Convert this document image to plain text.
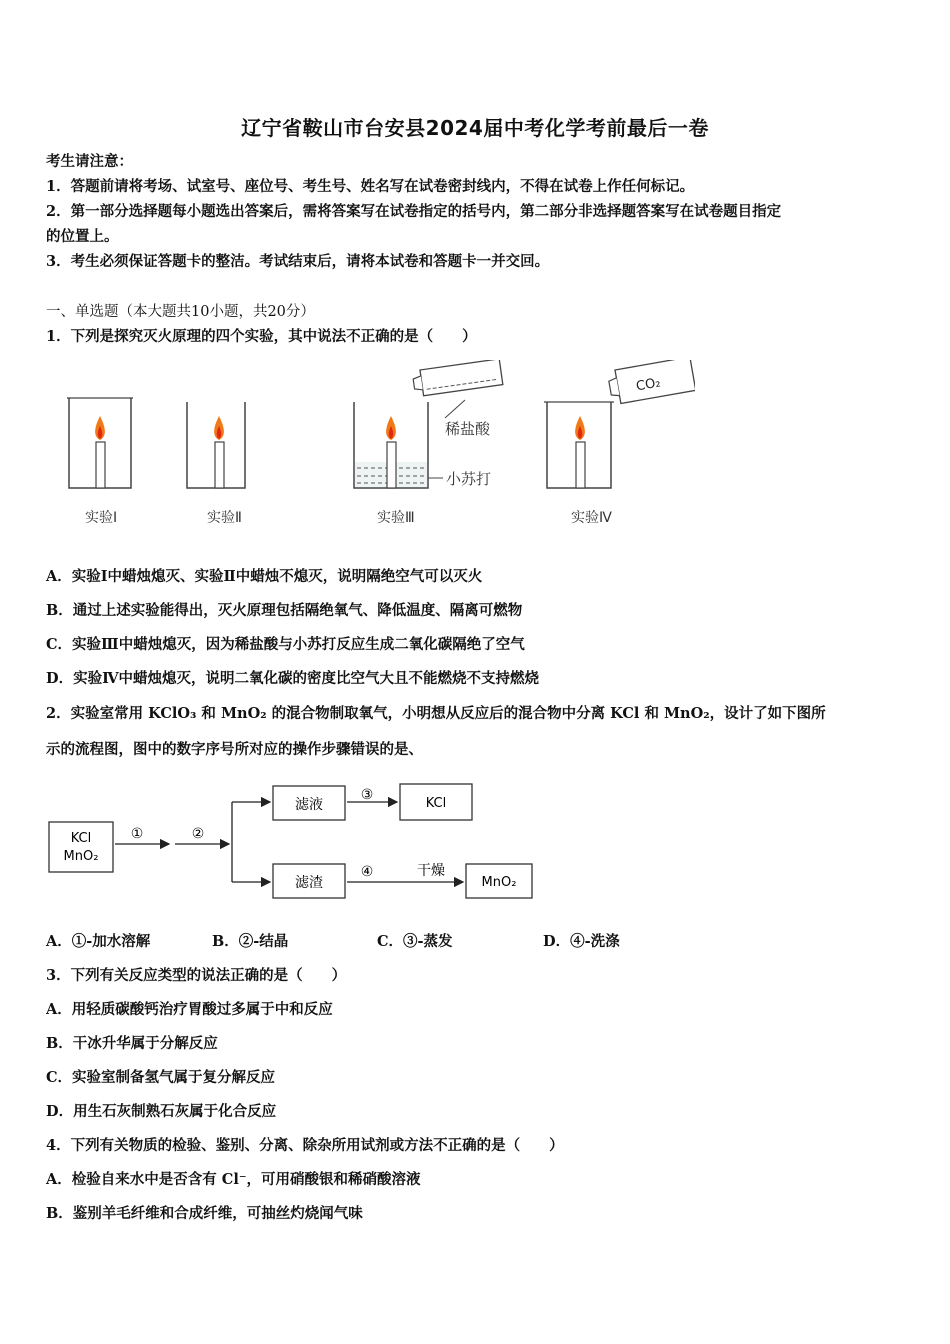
辽宁省鞍山市台安县2024届中考化学考前最后一卷
考生请注意：
1．答题前请将考场、试室号、座位号、考生号、姓名写在试卷密封线内，不得在试卷上作任何标记。
2．第一部分选择题每小题选出答案后，需将答案写在试卷指定的括号内，第二部分非选择题答案写在试卷题目指定
的位置上。
3．考生必须保证答题卡的整洁。考试结束后，请将本试卷和答题卡一并交回。
一、单选题（本大题共10小题，共20分）
1．下列是探究灭火原理的四个实验，其中说法不正确的是（　　）
实验Ⅰ	实验Ⅱ
稀盐酸
小苏打
实验Ⅲ
CO₂
实验Ⅳ
A．实验Ⅰ中蜡烛熄灭、实验Ⅱ中蜡烛不熄灭，说明隔绝空气可以灭火
B．通过上述实验能得出，灭火原理包括隔绝氧气、降低温度、隔离可燃物
C．实验Ⅲ中蜡烛熄灭，因为稀盐酸与小苏打反应生成二氧化碳隔绝了空气
D．实验Ⅳ中蜡烛熄灭，说明二氧化碳的密度比空气大且不能燃烧不支持燃烧
2．实验室常用 KClO₃ 和 MnO₂ 的混合物制取氧气，小明想从反应后的混合物中分离 KCl 和 MnO₂，设计了如下图所
示的流程图，图中的数字序号所对应的操作步骤错误的是、
KCl
MnO₂
①	②
滤液
③
KCl
滤渣
④	干燥
MnO₂
A．①-加水溶解	B．②-结晶	C．③-蒸发	D．④-洗涤
3．下列有关反应类型的说法正确的是（　　）
A．用轻质碳酸钙治疗胃酸过多属于中和反应
B．干冰升华属于分解反应
C．实验室制备氢气属于复分解反应
D．用生石灰制熟石灰属于化合反应
4．下列有关物质的检验、鉴别、分离、除杂所用试剂或方法不正确的是（　　）
A．检验自来水中是否含有 Cl⁻，可用硝酸银和稀硝酸溶液
B．鉴别羊毛纤维和合成纤维，可抽丝灼烧闻气味
